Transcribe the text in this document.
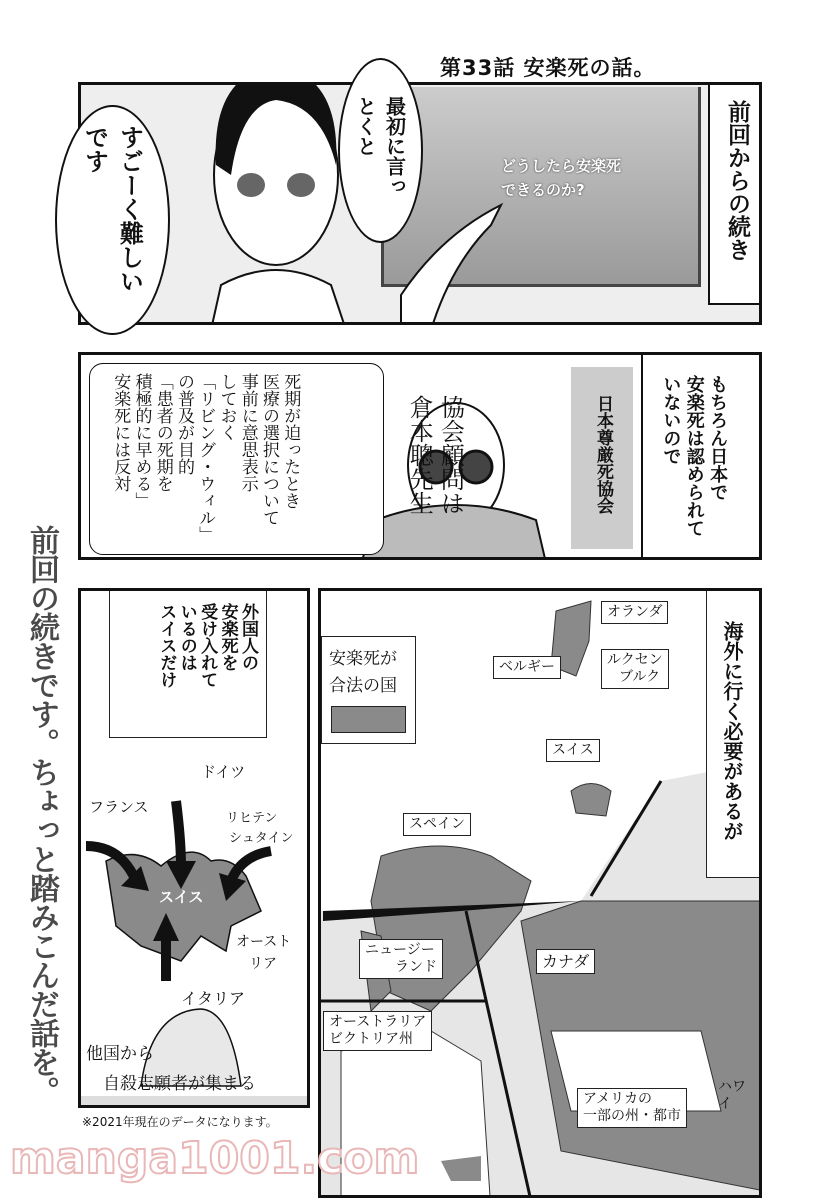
第33話 安楽死の話。
どうしたら安楽死
できるのか?	前回からの続き
すごーく難しいです	最初に言っとくと
前回の続きです。ちょっと踏みこんだ話を。
もちろん日本で
安楽死は認められて
いないので
日本尊厳死協会
協会顧問は
倉本聰先生
死期が迫ったとき
医療の選択について
事前に意思表示
しておく
「リビング・ウィル」
の普及が目的
「患者の死期を
積極的に早める」
安楽死には反対
外国人の
安楽死を
受け入れて
いるのは
スイスだけ
ドイツ
フランス
リヒテン
シュタイン
スイス
オースト
リア
イタリア
他国から
自殺志願者が集まる
※2021年現在のデータになります。
海外に行く必要があるが
安楽死が
合法の国
オランダ
ベルギー	ルクセン
ブルク
スイス
スペイン
ニュージー
ランド	カナダ
オーストラリア
ビクトリア州
アメリカの
一部の州・都市
ハワイ
manga1001.com
